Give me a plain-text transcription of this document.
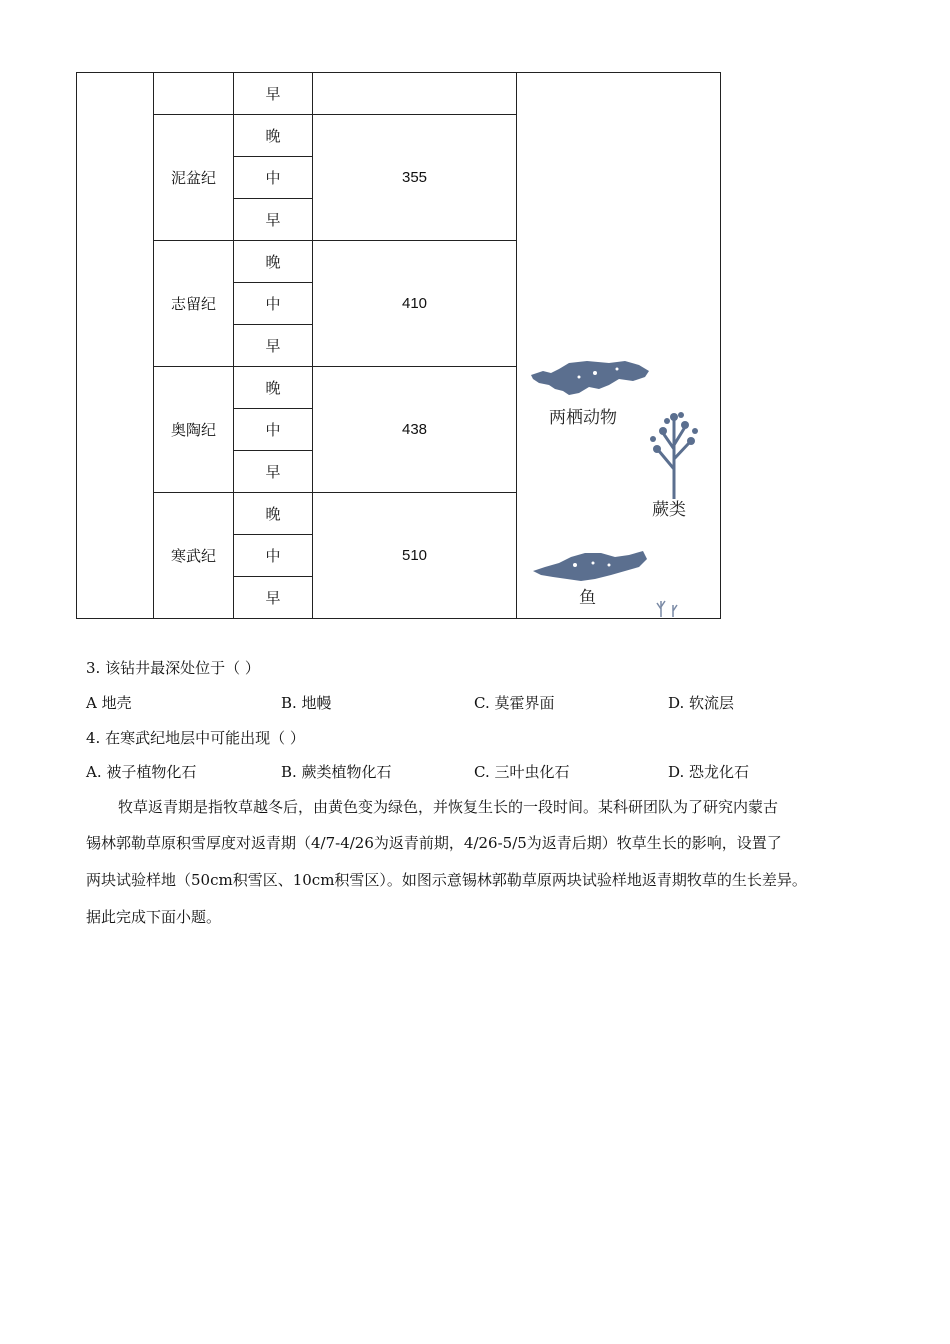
		早		两栖动物
蕨类
鱼

	泥盆纪	晚	355	
		中		
		早		
	志留纪	晚	410	
		中		
		早		
	奥陶纪	晚	438	
		中		
		早		
	寒武纪	晚	510	
		中		
		早		
3. 该钻井最深处位于（ ）
A 地壳	B. 地幔	C. 莫霍界面	D. 软流层
4. 在寒武纪地层中可能出现（ ）
A. 被子植物化石	B. 蕨类植物化石	C. 三叶虫化石	D. 恐龙化石
牧草返青期是指牧草越冬后，由黄色变为绿色，并恢复生长的一段时间。某科研团队为了研究内蒙古
锡林郭勒草原积雪厚度对返青期（4/7-4/26为返青前期，4/26-5/5为返青后期）牧草生长的影响，设置了
两块试验样地（50cm积雪区、10cm积雪区）。如图示意锡林郭勒草原两块试验样地返青期牧草的生长差异。
据此完成下面小题。
